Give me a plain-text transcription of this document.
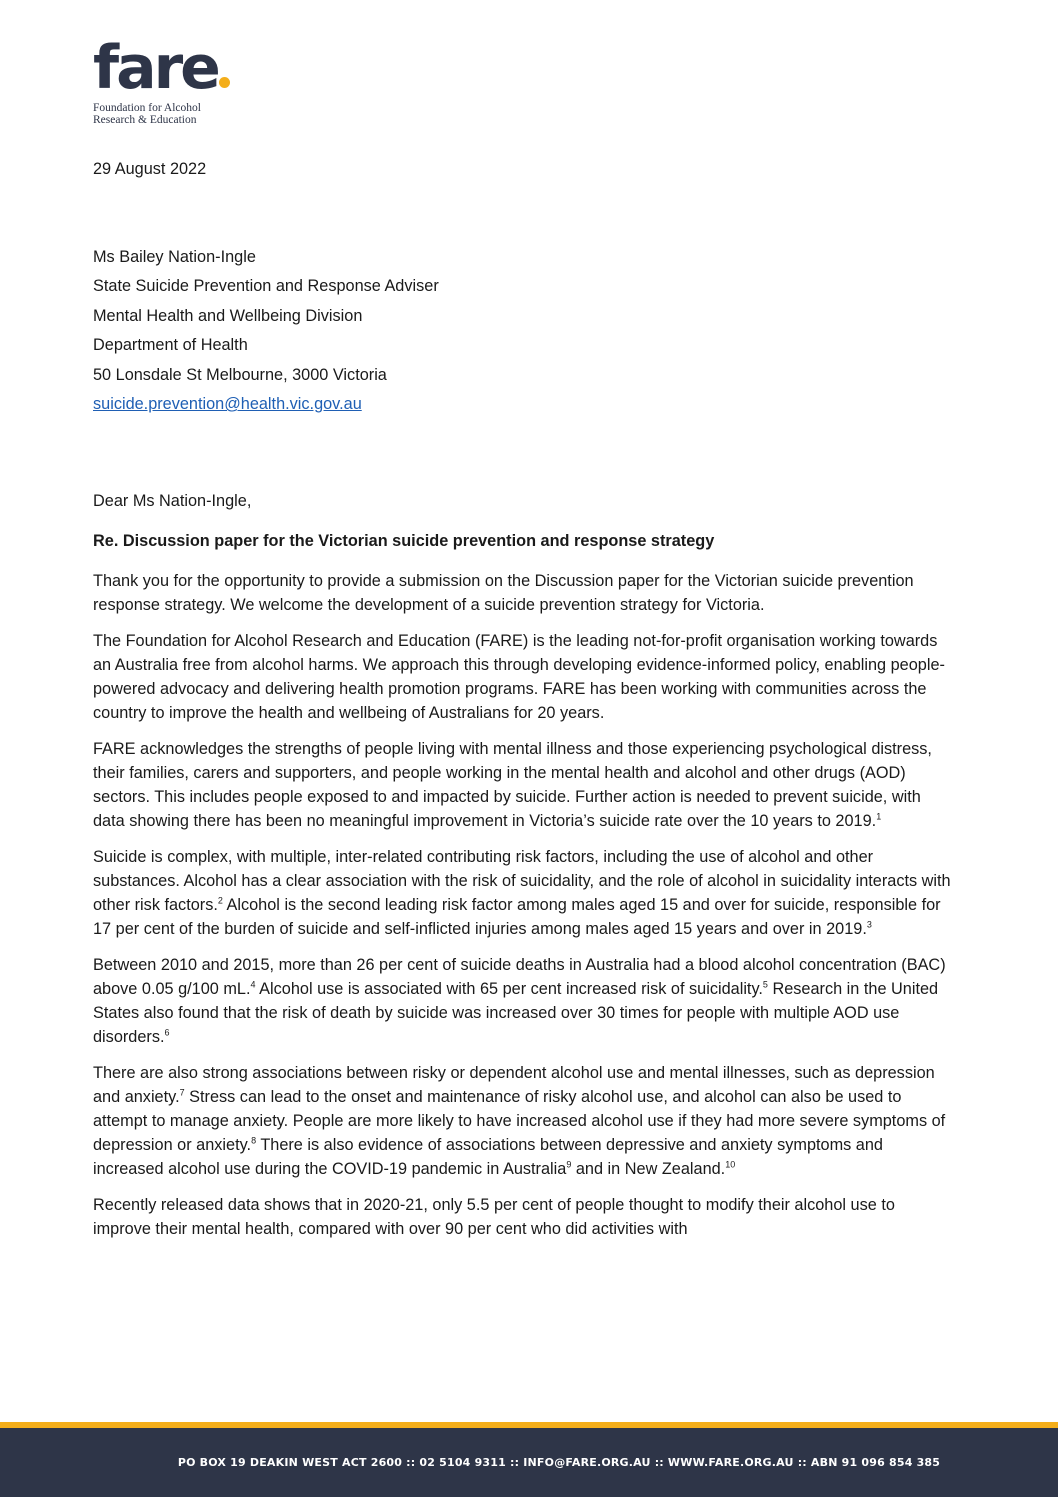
fare
Foundation for Alcohol
Research & Education
29 August 2022
Ms Bailey Nation-Ingle
State Suicide Prevention and Response Adviser
Mental Health and Wellbeing Division
Department of Health
50 Lonsdale St Melbourne, 3000 Victoria
suicide.prevention@health.vic.gov.au
Dear Ms Nation-Ingle,
Re. Discussion paper for the Victorian suicide prevention and response strategy

Thank you for the opportunity to provide a submission on the Discussion paper for the Victorian suicide prevention response strategy. We welcome the development of a suicide prevention strategy for Victoria.

The Foundation for Alcohol Research and Education (FARE) is the leading not-for-profit organisation working towards an Australia free from alcohol harms. We approach this through developing evidence-informed policy, enabling people-powered advocacy and delivering health promotion programs. FARE has been working with communities across the country to improve the health and wellbeing of Australians for 20 years.

FARE acknowledges the strengths of people living with mental illness and those experiencing psychological distress, their families, carers and supporters, and people working in the mental health and alcohol and other drugs (AOD) sectors. This includes people exposed to and impacted by suicide. Further action is needed to prevent suicide, with data showing there has been no meaningful improvement in Victoria’s suicide rate over the 10 years to 2019.$^1$

Suicide is complex, with multiple, inter-related contributing risk factors, including the use of alcohol and other substances. Alcohol has a clear association with the risk of suicidality, and the role of alcohol in suicidality interacts with other risk factors.$^2$ Alcohol is the second leading risk factor among males aged 15 and over for suicide, responsible for 17 per cent of the burden of suicide and self-inflicted injuries among males aged 15 years and over in 2019.$^3$

Between 2010 and 2015, more than 26 per cent of suicide deaths in Australia had a blood alcohol concentration (BAC) above 0.05 g/100 mL.$^4$ Alcohol use is associated with 65 per cent increased risk of suicidality.$^5$ Research in the United States also found that the risk of death by suicide was increased over 30 times for people with multiple AOD use disorders.$^6$

There are also strong associations between risky or dependent alcohol use and mental illnesses, such as depression and anxiety.$^7$ Stress can lead to the onset and maintenance of risky alcohol use, and alcohol can also be used to attempt to manage anxiety. People are more likely to have increased alcohol use if they had more severe symptoms of depression or anxiety.$^8$ There is also evidence of associations between depressive and anxiety symptoms and increased alcohol use during the COVID-19 pandemic in Australia$^9$ and in New Zealand.$^{10}$

Recently released data shows that in 2020-21, only 5.5 per cent of people thought to modify their alcohol use to improve their mental health, compared with over 90 per cent who did activities with

PO BOX 19 DEAKIN WEST ACT 2600 :: 02 5104 9311 :: INFO@FARE.ORG.AU :: WWW.FARE.ORG.AU :: ABN 91 096 854 385
